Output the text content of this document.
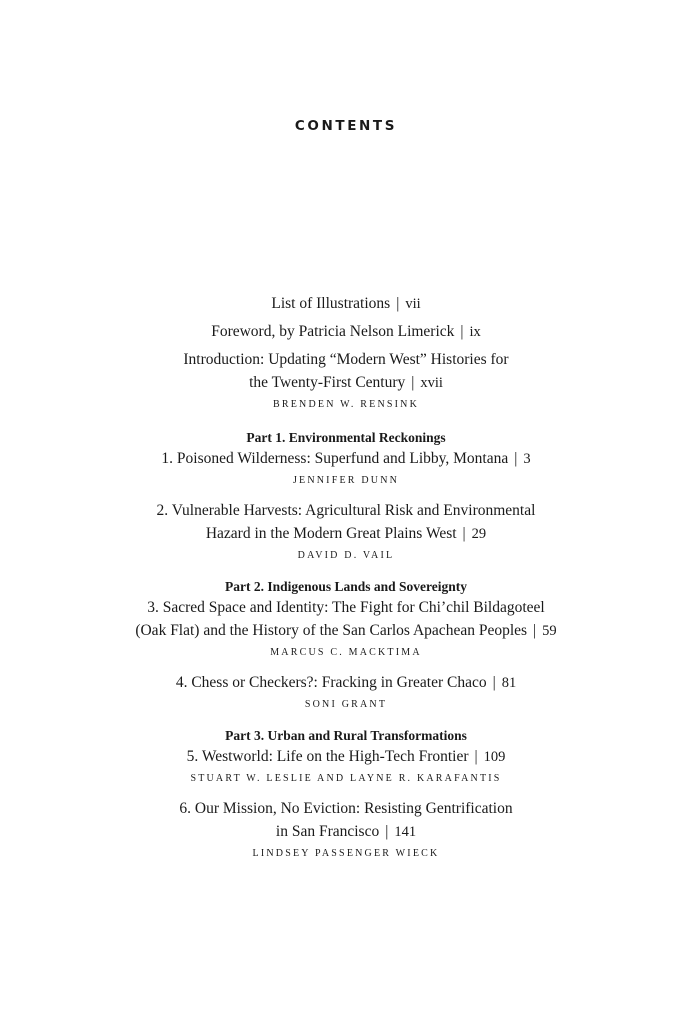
CONTENTS
List of Illustrations | vii
Foreword, by Patricia Nelson Limerick | ix
Introduction: Updating “Modern West” Histories for
the Twenty-First Century | xvii
BRENDEN W. RENSINK
Part 1. Environmental Reckonings
1. Poisoned Wilderness: Superfund and Libby, Montana | 3
JENNIFER DUNN
2. Vulnerable Harvests: Agricultural Risk and Environmental
Hazard in the Modern Great Plains West | 29
DAVID D. VAIL
Part 2. Indigenous Lands and Sovereignty
3. Sacred Space and Identity: The Fight for Chi’chil Bildagoteel
(Oak Flat) and the History of the San Carlos Apachean Peoples | 59
MARCUS C. MACKTIMA
4. Chess or Checkers?: Fracking in Greater Chaco | 81
SONI GRANT
Part 3. Urban and Rural Transformations
5. Westworld: Life on the High-Tech Frontier | 109
STUART W. LESLIE AND LAYNE R. KARAFANTIS
6. Our Mission, No Eviction: Resisting Gentrification
in San Francisco | 141
LINDSEY PASSENGER WIECK
